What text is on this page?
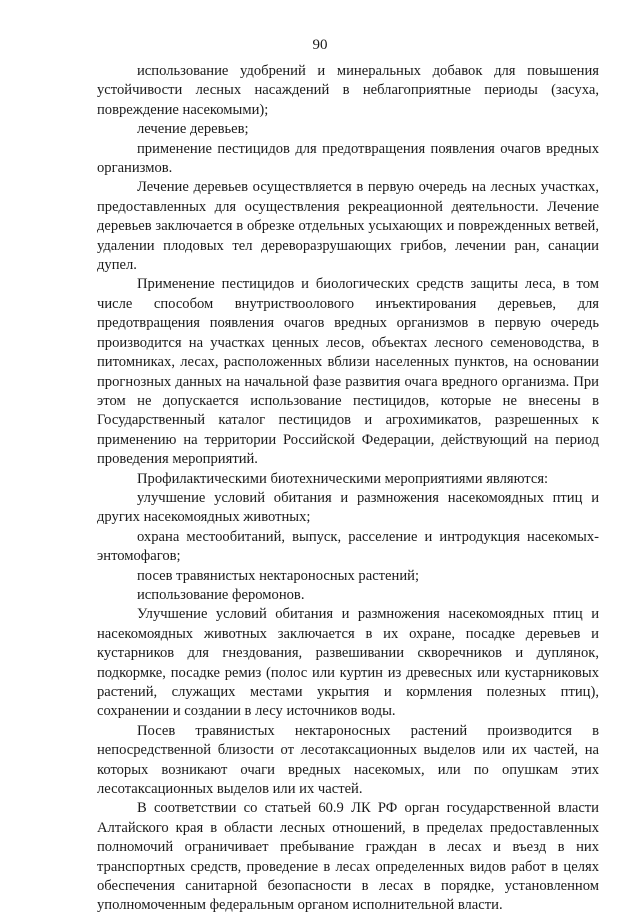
90

использование удобрений и минеральных добавок для повышения устойчивости лесных насаждений в неблагоприятные периоды (засуха, повреждение насекомыми);

лечение деревьев;

применение пестицидов для предотвращения появления очагов вредных организмов.

Лечение деревьев осуществляется в первую очередь на лесных участках, предоставленных для осуществления рекреационной деятельности. Лечение деревьев заключается в обрезке отдельных усыхающих и поврежденных ветвей, удалении плодовых тел дереворазрушающих грибов, лечении ран, санации дупел.

Применение пестицидов и биологических средств защиты леса, в том числе способом внутриствоолового инъектирования деревьев, для предотвращения появления очагов вредных организмов в первую очередь производится на участках ценных лесов, объектах лесного семеноводства, в питомниках, лесах, расположенных вблизи населенных пунктов, на основании прогнозных данных на начальной фазе развития очага вредного организма. При этом не допускается использование пестицидов, которые не внесены в Государственный каталог пестицидов и агрохимикатов, разрешенных к применению на территории Российской Федерации, действующий на период проведения мероприятий.

Профилактическими биотехническими мероприятиями являются:

улучшение условий обитания и размножения насекомоядных птиц и других насекомоядных животных;

охрана местообитаний, выпуск, расселение и интродукция насекомых-энтомофагов;

посев травянистых нектароносных растений;

использование феромонов.

Улучшение условий обитания и размножения насекомоядных птиц и насекомоядных животных заключается в их охране, посадке деревьев и кустарников для гнездования, развешивании скворечников и дуплянок, подкормке, посадке ремиз (полос или куртин из древесных или кустарниковых растений, служащих местами укрытия и кормления полезных птиц), сохранении и создании в лесу источников воды.

Посев травянистых нектароносных растений производится в непосредственной близости от лесотаксационных выделов или их частей, на которых возникают очаги вредных насекомых, или по опушкам этих лесотаксационных выделов или их частей.

В соответствии со статьей 60.9 ЛК РФ орган государственной власти Алтайского края в области лесных отношений, в пределах предоставленных полномочий ограничивает пребывание граждан в лесах и въезд в них транспортных средств, проведение в лесах определенных видов работ в целях обеспечения санитарной безопасности в лесах в порядке, установленном уполномоченным федеральным органом исполнительной власти.
